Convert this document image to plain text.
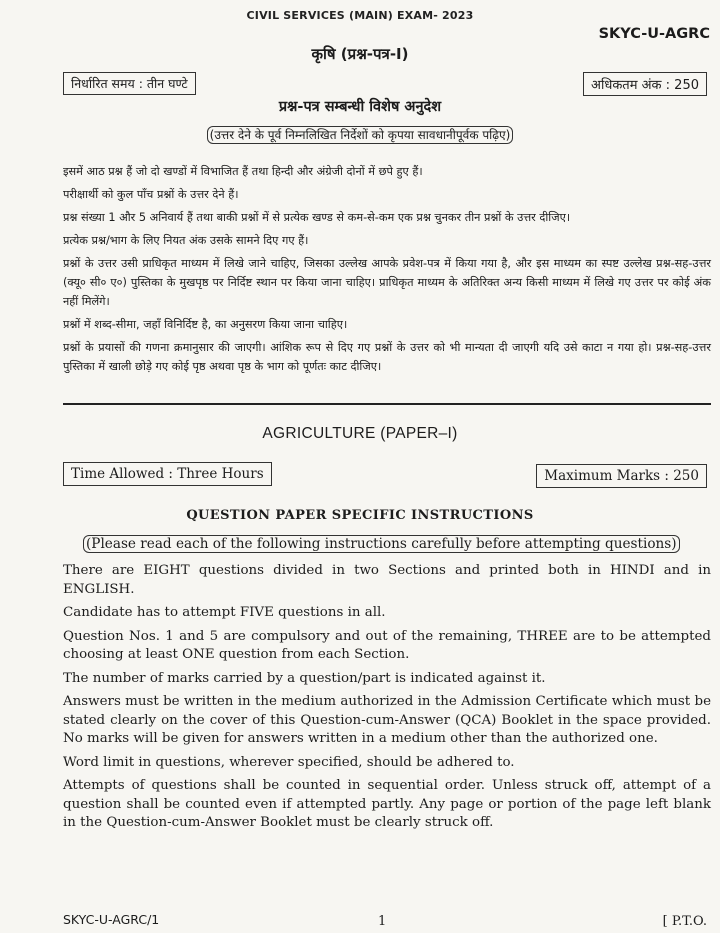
CIVIL SERVICES (MAIN) EXAM- 2023
SKYC-U-AGRC
कृषि (प्रश्न-पत्र-I)
निर्धारित समय : तीन घण्टे	अधिकतम अंक : 250
प्रश्न-पत्र सम्बन्धी विशेष अनुदेश
(उत्तर देने के पूर्व निम्नलिखित निर्देशों को कृपया सावधानीपूर्वक पढ़िए)

इसमें आठ प्रश्न हैं जो दो खण्डों में विभाजित हैं तथा हिन्दी और अंग्रेजी दोनों में छपे हुए हैं।

परीक्षार्थी को कुल पाँच प्रश्नों के उत्तर देने हैं।

प्रश्न संख्या 1 और 5 अनिवार्य हैं तथा बाकी प्रश्नों में से प्रत्येक खण्ड से कम-से-कम एक प्रश्न चुनकर तीन प्रश्नों के उत्तर दीजिए।

प्रत्येक प्रश्न/भाग के लिए नियत अंक उसके सामने दिए गए हैं।

प्रश्नों के उत्तर उसी प्राधिकृत माध्यम में लिखे जाने चाहिए, जिसका उल्लेख आपके प्रवेश-पत्र में किया गया है, और इस माध्यम का स्पष्ट उल्लेख प्रश्न-सह-उत्तर (क्यू० सी० ए०) पुस्तिका के मुखपृष्ठ पर निर्दिष्ट स्थान पर किया जाना चाहिए। प्राधिकृत माध्यम के अतिरिक्त अन्य किसी माध्यम में लिखे गए उत्तर पर कोई अंक नहीं मिलेंगे।

प्रश्नों में शब्द-सीमा, जहाँ विनिर्दिष्ट है, का अनुसरण किया जाना चाहिए।

प्रश्नों के प्रयासों की गणना क्रमानुसार की जाएगी। आंशिक रूप से दिए गए प्रश्नों के उत्तर को भी मान्यता दी जाएगी यदि उसे काटा न गया हो। प्रश्न-सह-उत्तर पुस्तिका में खाली छोड़े गए कोई पृष्ठ अथवा पृष्ठ के भाग को पूर्णतः काट दीजिए।

AGRICULTURE (PAPER–I)
Time Allowed : Three Hours	Maximum Marks : 250
QUESTION PAPER SPECIFIC INSTRUCTIONS
(Please read each of the following instructions carefully before attempting questions)

There are EIGHT questions divided in two Sections and printed both in HINDI and in ENGLISH.

Candidate has to attempt FIVE questions in all.

Question Nos. 1 and 5 are compulsory and out of the remaining, THREE are to be attempted choosing at least ONE question from each Section.

The number of marks carried by a question/part is indicated against it.

Answers must be written in the medium authorized in the Admission Certificate which must be stated clearly on the cover of this Question-cum-Answer (QCA) Booklet in the space provided. No marks will be given for answers written in a medium other than the authorized one.

Word limit in questions, wherever specified, should be adhered to.

Attempts of questions shall be counted in sequential order. Unless struck off, attempt of a question shall be counted even if attempted partly. Any page or portion of the page left blank in the Question-cum-Answer Booklet must be clearly struck off.

SKYC-U-AGRC/1	1	[ P.T.O.
